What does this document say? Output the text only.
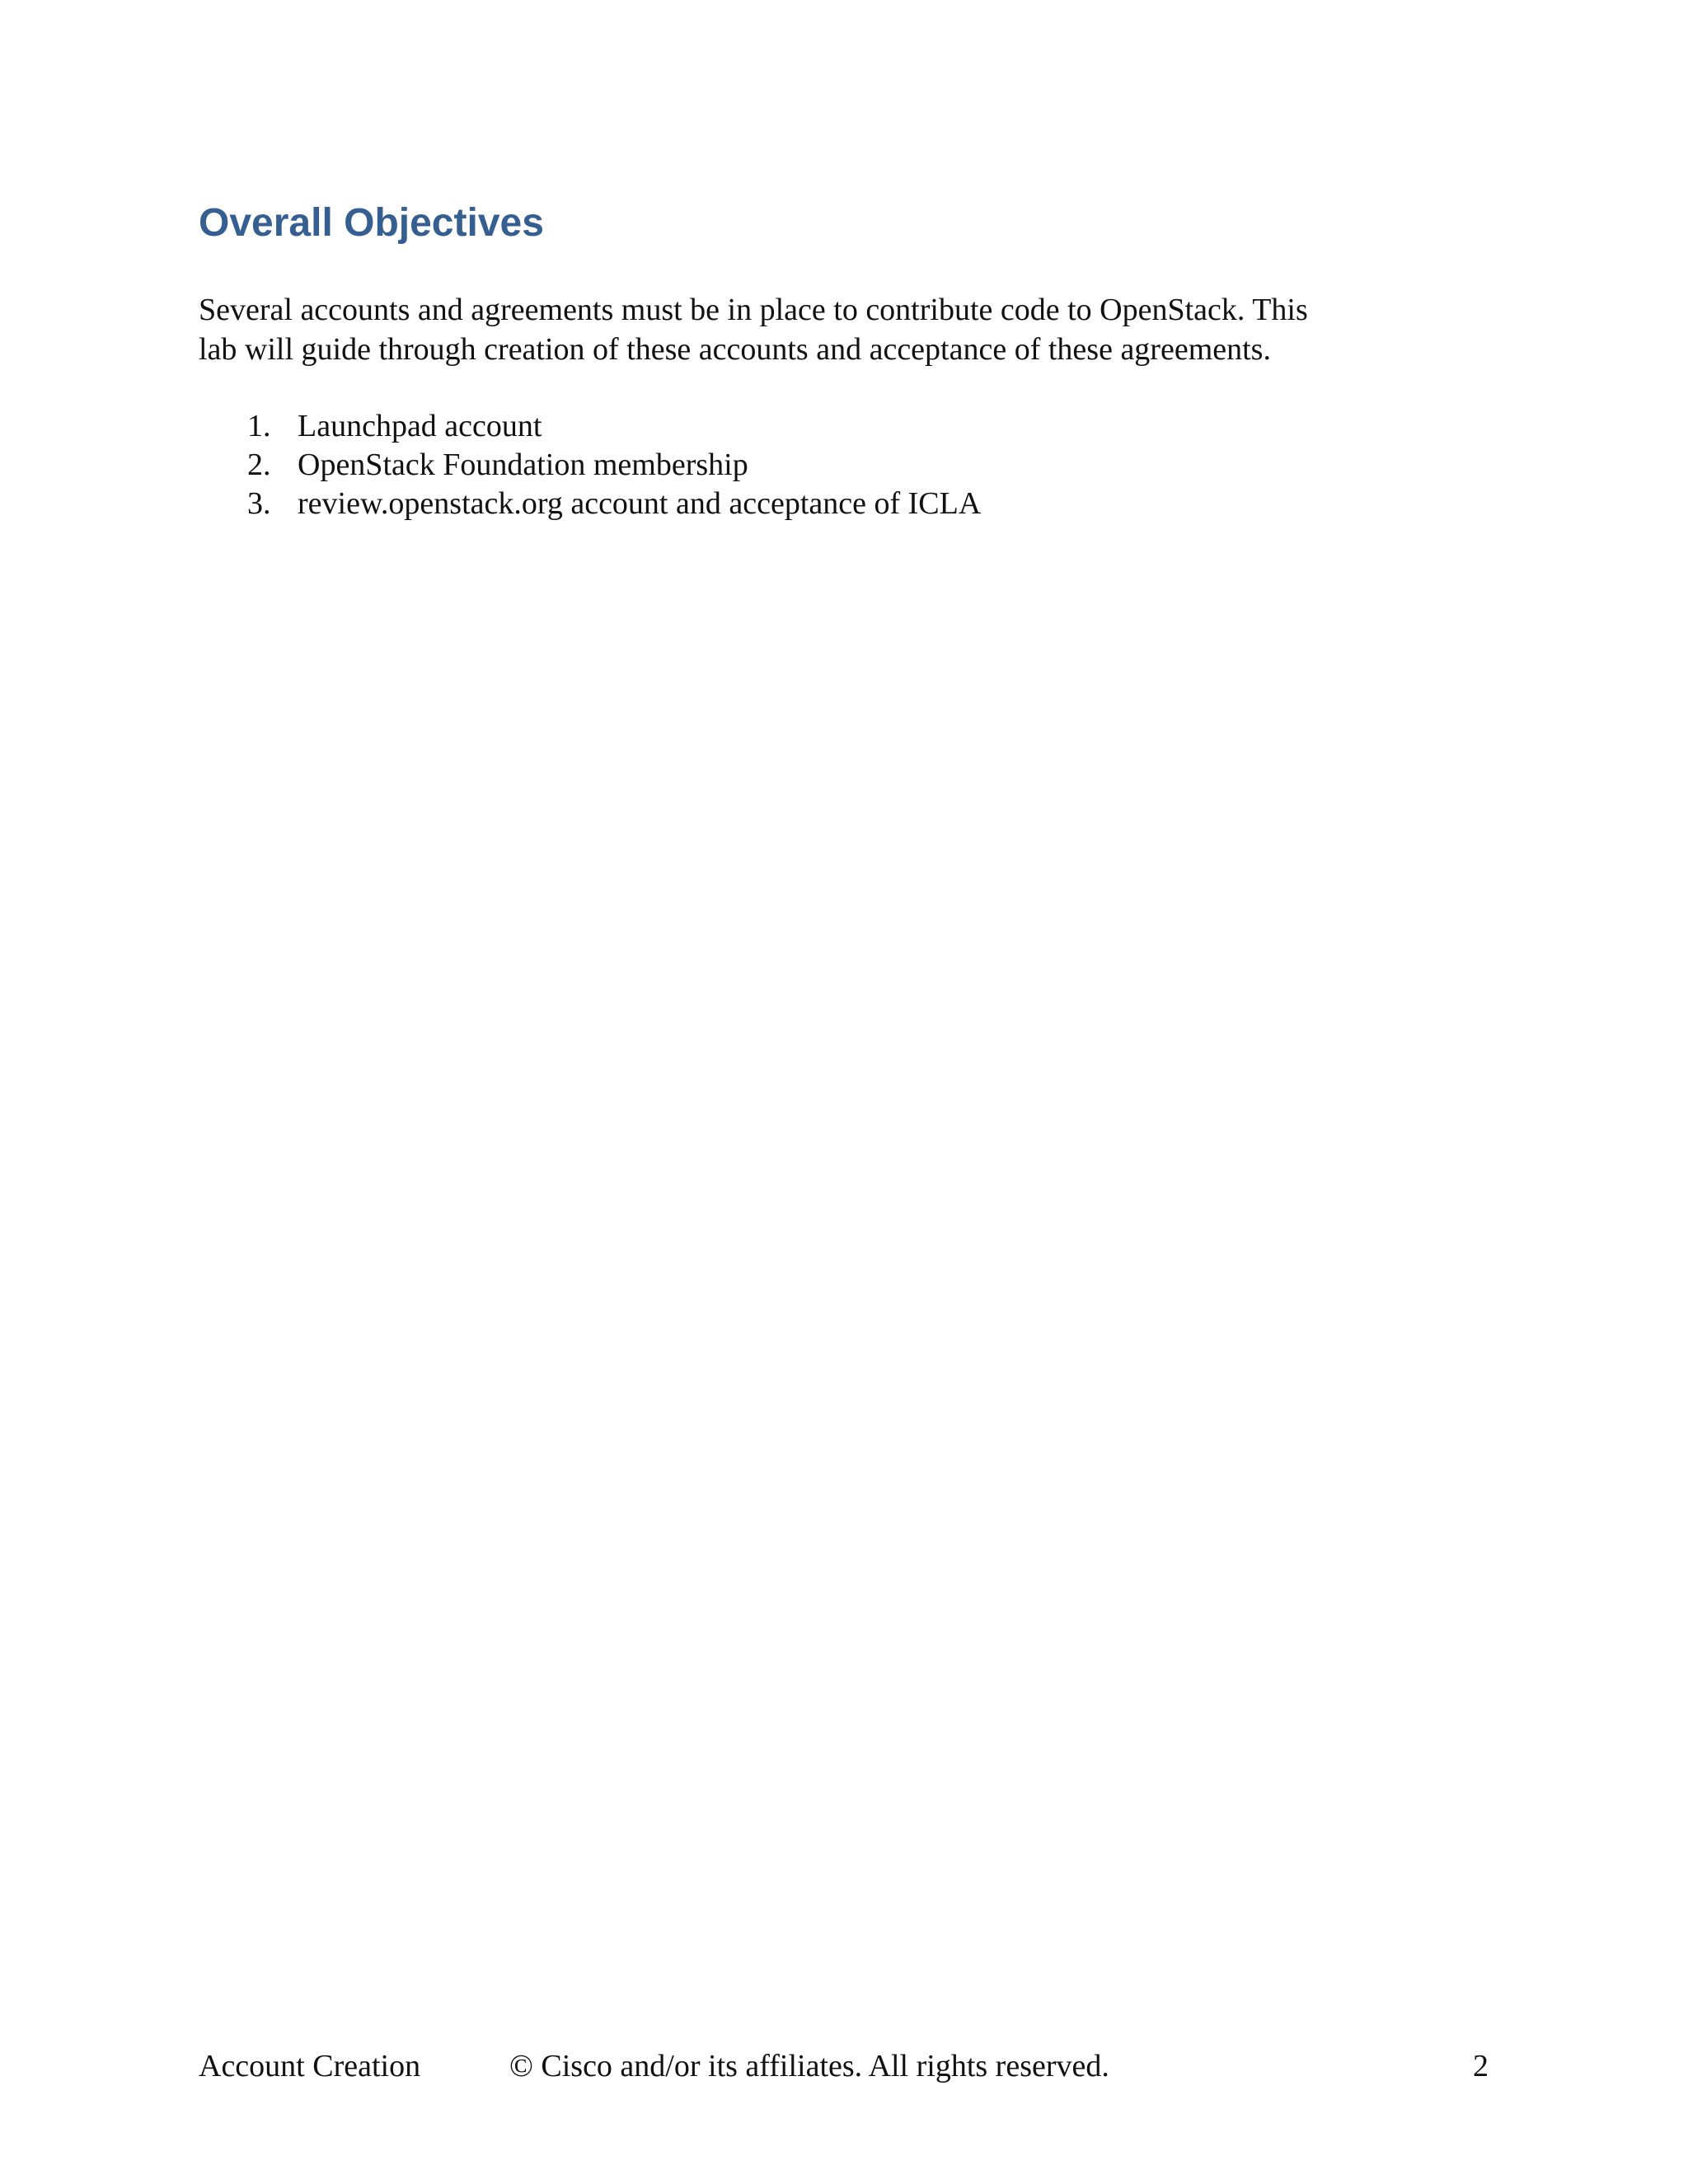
Overall Objectives

Several accounts and agreements must be in place to contribute code to OpenStack. This
lab will guide through creation of these accounts and acceptance of these agreements.

1. Launchpad account
2. OpenStack Foundation membership
3. review.openstack.org account and acceptance of ICLA
Account Creation	© Cisco and/or its affiliates. All rights reserved.	2
